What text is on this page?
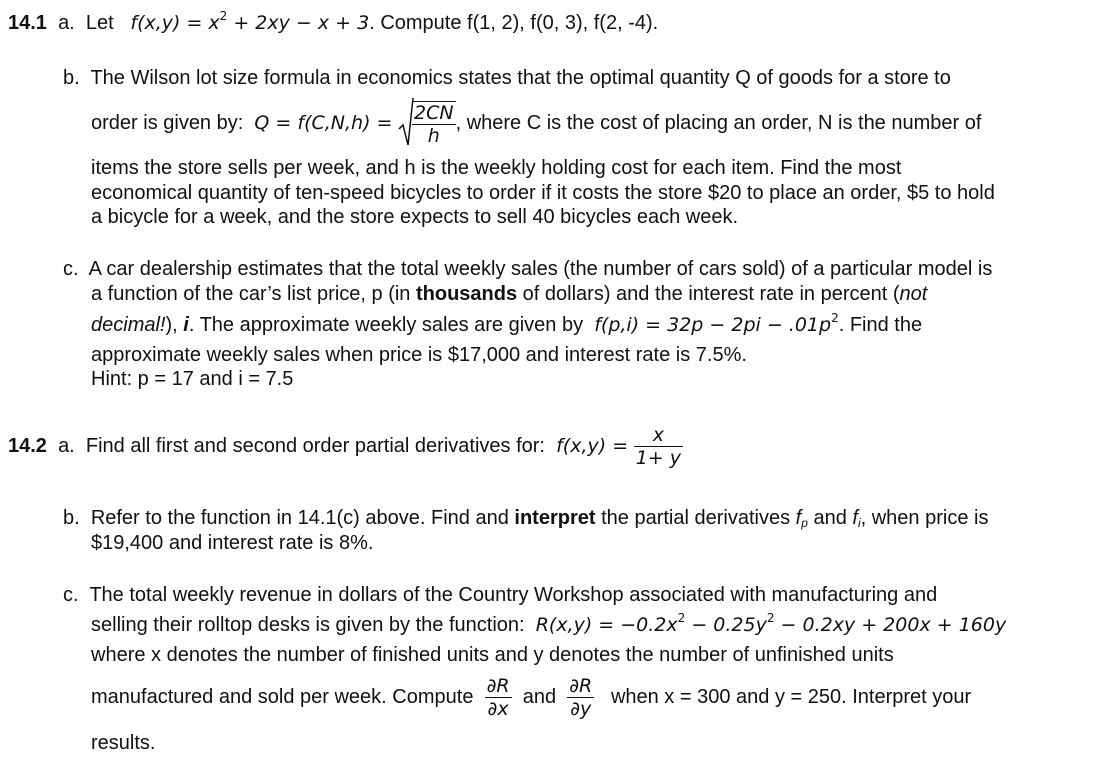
14.1 a. Let $f(x,y) = x^2 + 2xy - x + 3$. Compute f(1, 2), f(0, 3), f(2, -4).
b. The Wilson lot size formula in economics states that the optimal quantity Q of goods for a store to
order is given by: $Q = f(C,N,h) = \frac{2CN}{h}$ , where C is the cost of placing an order, N is the number of
items the store sells per week, and h is the weekly holding cost for each item. Find the most
economical quantity of ten-speed bicycles to order if it costs the store $20 to place an order, $5 to hold
a bicycle for a week, and the store expects to sell 40 bicycles each week.
c. A car dealership estimates that the total weekly sales (the number of cars sold) of a particular model is
a function of the car’s list price, p (in thousands of dollars) and the interest rate in percent (not
decimal!), i. The approximate weekly sales are given by $f(p,i) = 32p - 2pi - .01p^2$. Find the
approximate weekly sales when price is $17,000 and interest rate is 7.5%.
Hint: p = 17 and i = 7.5
14.2 a. Find all first and second order partial derivatives for: $f(x,y) = \frac{x}{1+ y}$
b. Refer to the function in 14.1(c) above. Find and interpret the partial derivatives $f_p$ and $f_i$, when price is
$19,400 and interest rate is 8%.
c. The total weekly revenue in dollars of the Country Workshop associated with manufacturing and
selling their rolltop desks is given by the function: $R(x,y) = -0.2x^2 - 0.25y^2 - 0.2xy + 200x + 160y$
where x denotes the number of finished units and y denotes the number of unfinished units
manufactured and sold per week. Compute $\frac{\partial R}{\partial x}$ and $\frac{\partial R}{\partial y}$ when x = 300 and y = 250. Interpret your
results.
